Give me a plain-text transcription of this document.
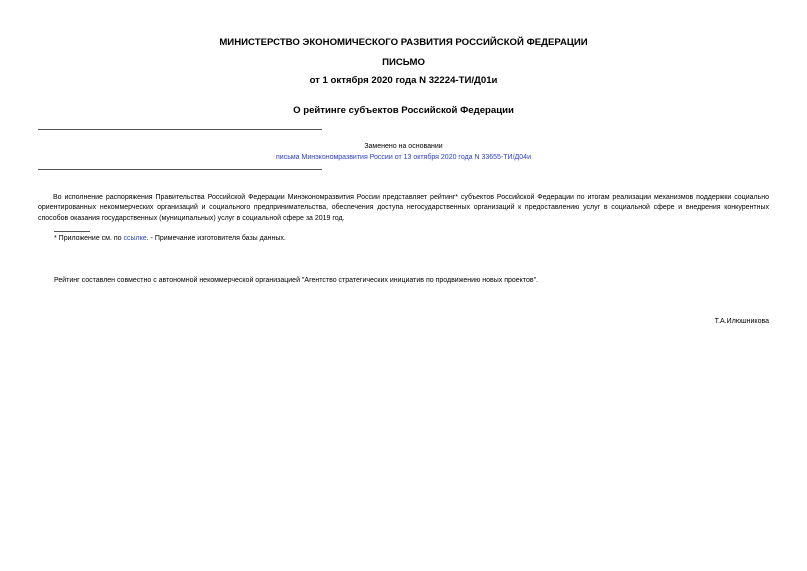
МИНИСТЕРСТВО ЭКОНОМИЧЕСКОГО РАЗВИТИЯ РОССИЙСКОЙ ФЕДЕРАЦИИ
ПИСЬМО
от 1 октября 2020 года N 32224-ТИ/Д01и
О рейтинге субъектов Российской Федерации
Заменено на основании
письма Минэкономразвития России от 13 октября 2020 года N 33655-ТИ/Д04и
Во исполнение распоряжения Правительства Российской Федерации Минэкономразвития России представляет рейтинг* субъектов Российской Федерации по итогам реализации механизмов поддержки социально ориентированных некоммерческих организаций и социального предпринимательства, обеспечения доступа негосударственных организаций к предоставлению услуг в социальной сфере и внедрения конкурентных способов оказания государственных (муниципальных) услуг в социальной сфере за 2019 год.
* Приложение см. по ссылке. - Примечание изготовителя базы данных.
Рейтинг составлен совместно с автономной некоммерческой организацией "Агентство стратегических инициатив по продвижению новых проектов".
Т.А.Илюшникова
